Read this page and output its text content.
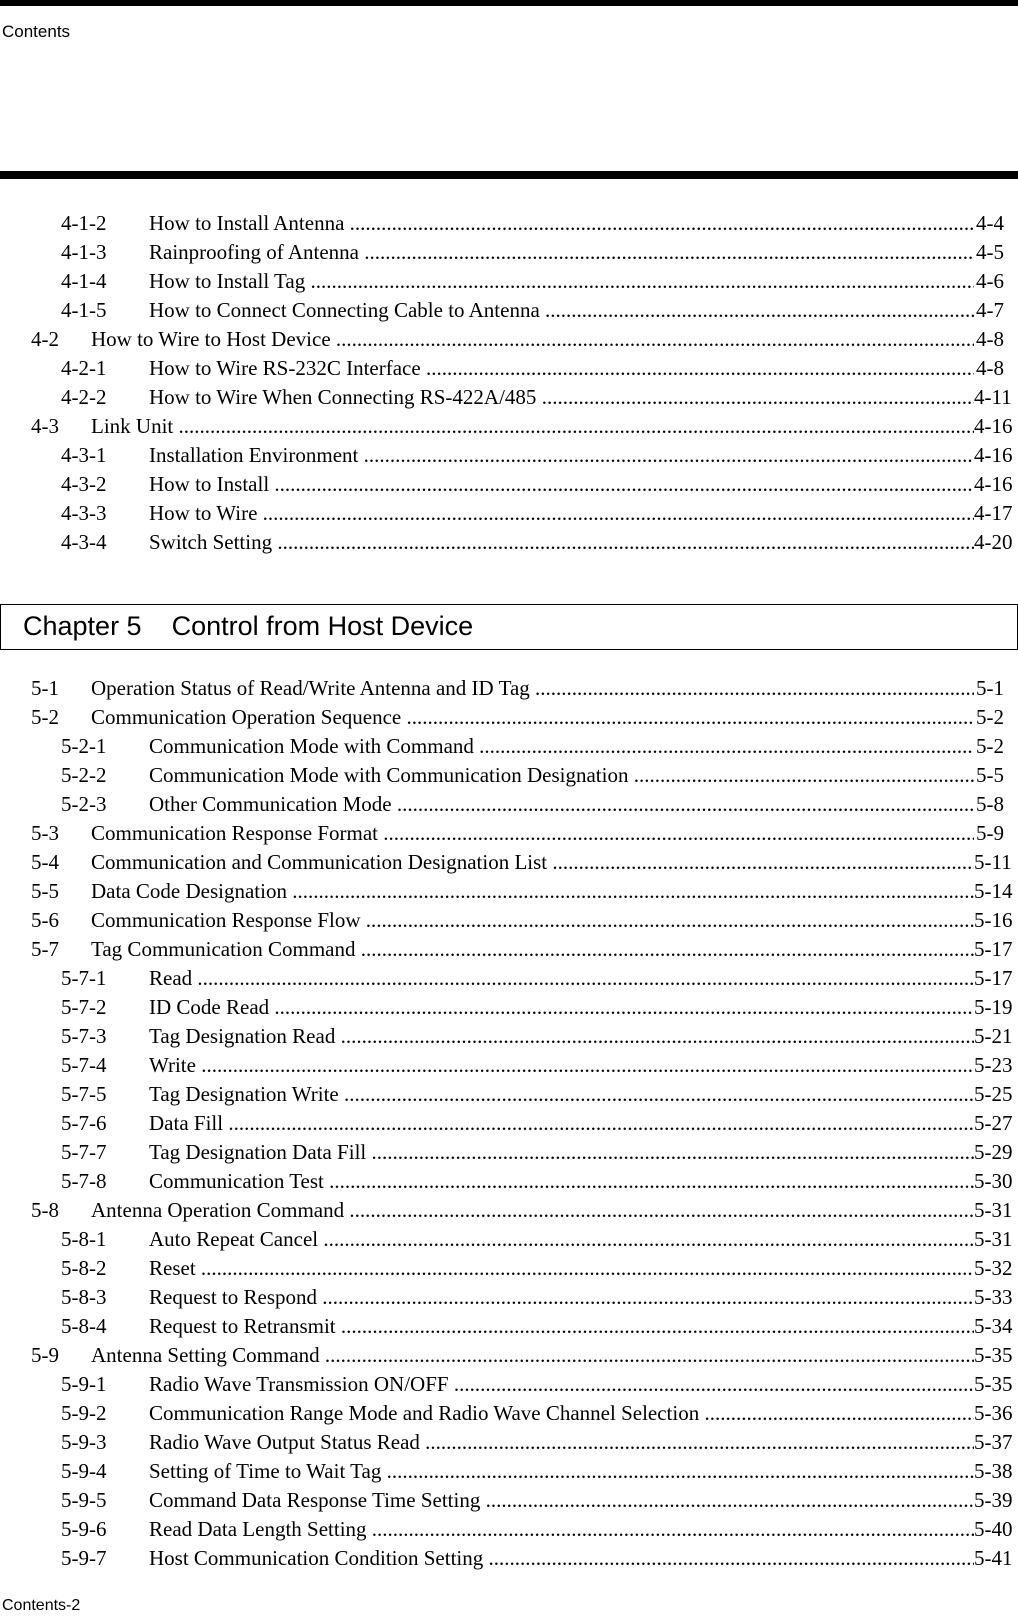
Contents
4-1-2 How to Install Antenna .....	4-4
4-1-3 Rainproofing of Antenna .....	4-5
4-1-4 How to Install Tag .....	4-6
4-1-5 How to Connect Connecting Cable to Antenna .....	4-7
4-2 How to Wire to Host Device .....	4-8
4-2-1 How to Wire RS-232C Interface .....	4-8
4-2-2 How to Wire When Connecting RS-422A/485 .....	4-11
4-3 Link Unit .....	4-16
4-3-1 Installation Environment .....	4-16
4-3-2 How to Install .....	4-16
4-3-3 How to Wire .....	4-17
4-3-4 Switch Setting .....	4-20
Chapter 5    Control from Host Device
5-1 Operation Status of Read/Write Antenna and ID Tag .....	5-1
5-2 Communication Operation Sequence .....	5-2
5-2-1 Communication Mode with Command .....	5-2
5-2-2 Communication Mode with Communication Designation .....	5-5
5-2-3 Other Communication Mode .....	5-8
5-3 Communication Response Format .....	5-9
5-4 Communication and Communication Designation List .....	5-11
5-5 Data Code Designation .....	5-14
5-6 Communication Response Flow .....	5-16
5-7 Tag Communication Command .....	5-17
5-7-1 Read .....	5-17
5-7-2 ID Code Read .....	5-19
5-7-3 Tag Designation Read .....	5-21
5-7-4 Write .....	5-23
5-7-5 Tag Designation Write .....	5-25
5-7-6 Data Fill .....	5-27
5-7-7 Tag Designation Data Fill .....	5-29
5-7-8 Communication Test .....	5-30
5-8 Antenna Operation Command .....	5-31
5-8-1 Auto Repeat Cancel .....	5-31
5-8-2 Reset .....	5-32
5-8-3 Request to Respond .....	5-33
5-8-4 Request to Retransmit .....	5-34
5-9 Antenna Setting Command .....	5-35
5-9-1 Radio Wave Transmission ON/OFF .....	5-35
5-9-2 Communication Range Mode and Radio Wave Channel Selection .....	5-36
5-9-3 Radio Wave Output Status Read .....	5-37
5-9-4 Setting of Time to Wait Tag .....	5-38
5-9-5 Command Data Response Time Setting .....	5-39
5-9-6 Read Data Length Setting .....	5-40
5-9-7 Host Communication Condition Setting .....	5-41
Contents-2
